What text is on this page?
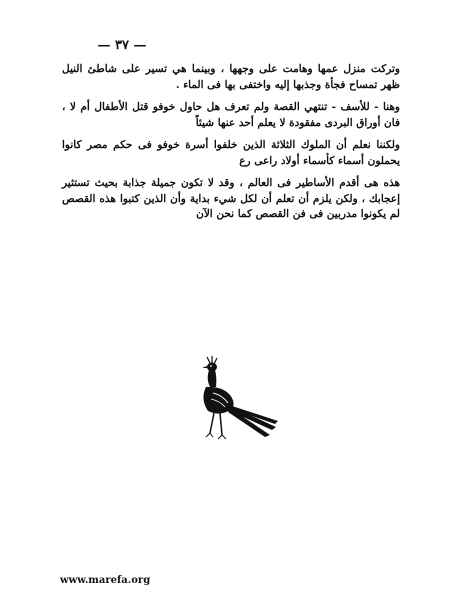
— ٣٧ —

وتركت منزل عمها وهامت على وجهها ، وبينما هي تسير على شاطئ النيل ظهر تمساح فجأة وجذبها إليه واختفى بها فى الماء .

وهنا - للأسف - تنتهي القصة ولم تعرف هل حاول خوفو قتل الأطفال أم لا ، فان أوراق البردى مفقودة لا يعلم أحد عنها شيئاً

ولكننا نعلم أن الملوك الثلاثة الذين خلفوا أسرة خوفو فى حكم مصر كانوا يحملون أسماء كأسماء أولاد راعى رع

هذه هى أقدم الأساطير فى العالم ، وقد لا تكون جميلة جذابة بحيث تستثير إعجابك ، ولكن يلزم أن تعلم أن لكل شيء بداية وأن الذين كتبوا هذه القصص لم يكونوا مدربين فى فن القصص كما نحن الآن

www.marefa.org
